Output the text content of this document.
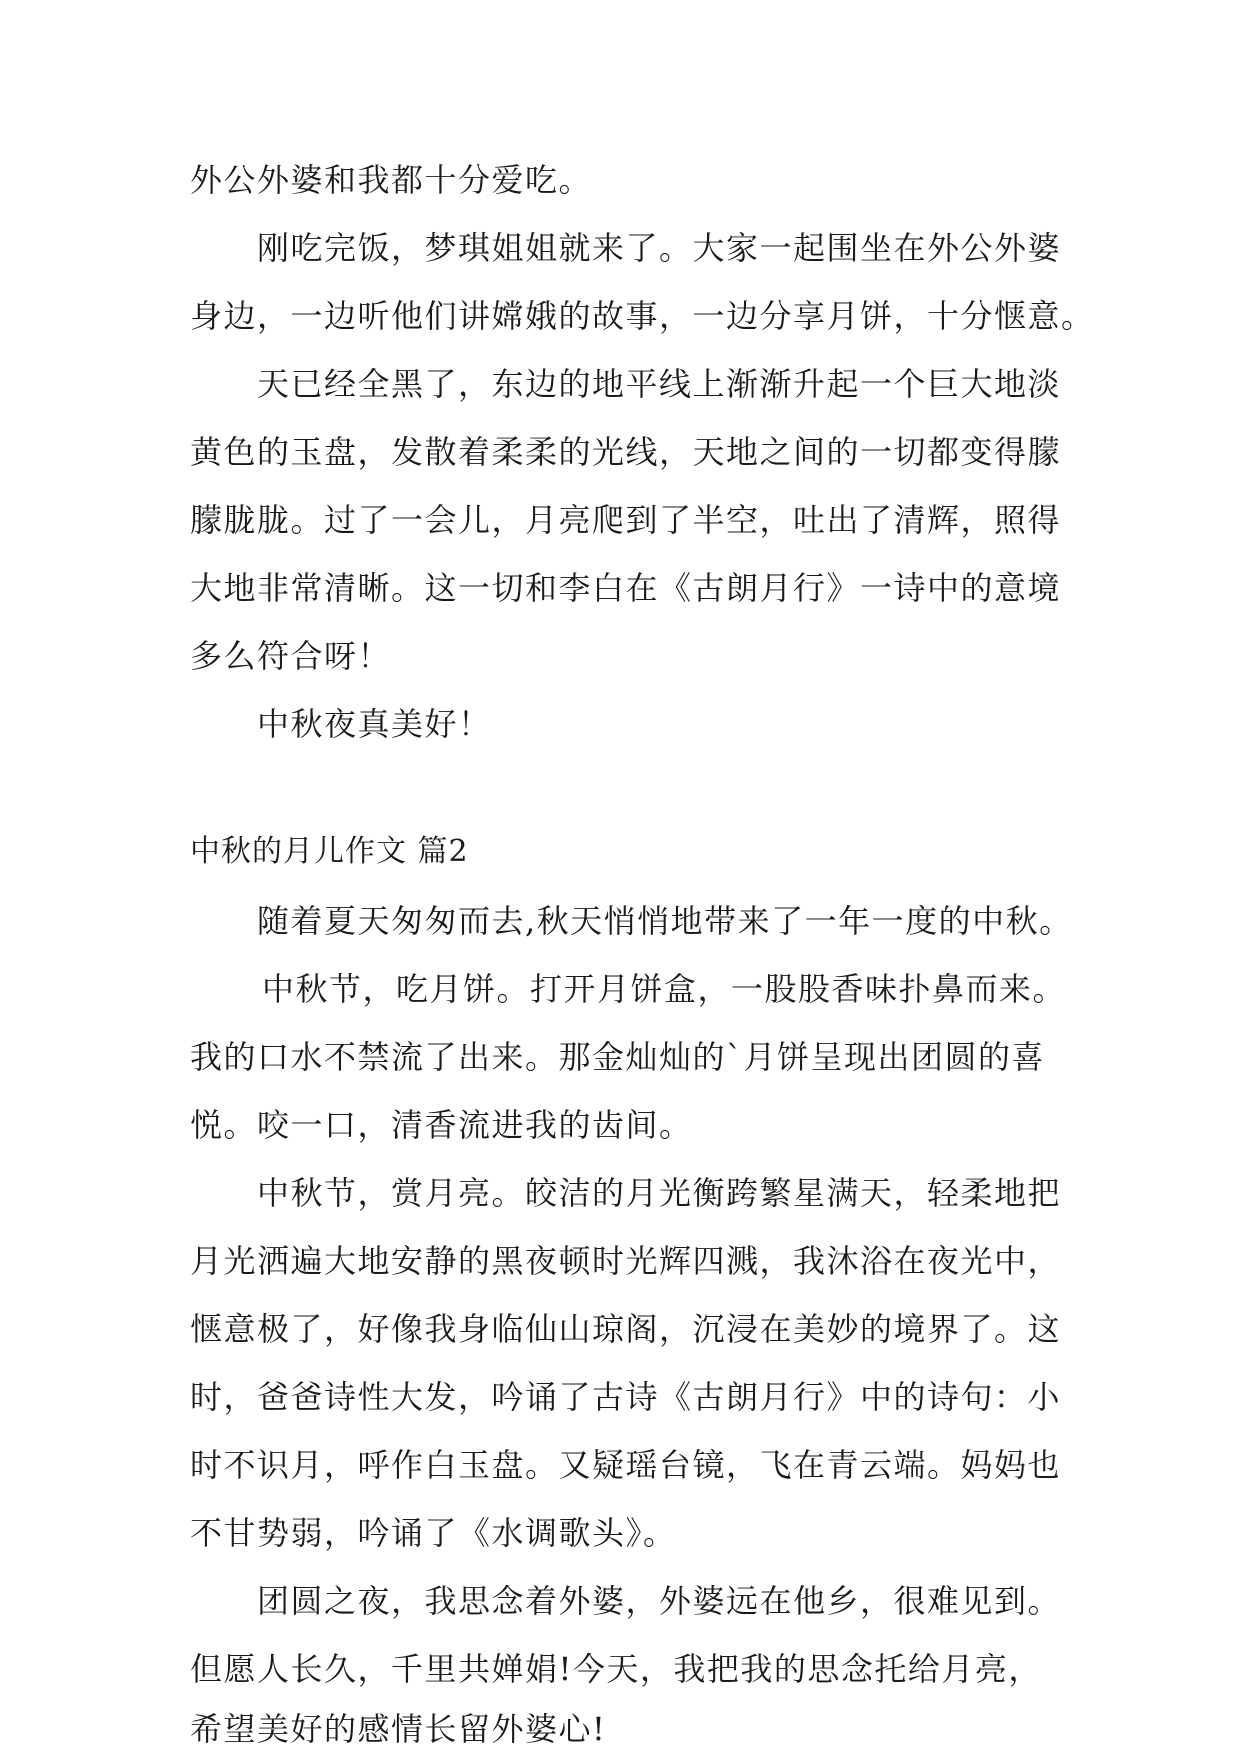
外公外婆和我都十分爱吃。
刚吃完饭，梦琪姐姐就来了。大家一起围坐在外公外婆
身边，一边听他们讲嫦娥的故事，一边分享月饼，十分惬意。
天已经全黑了，东边的地平线上渐渐升起一个巨大地淡
黄色的玉盘，发散着柔柔的光线，天地之间的一切都变得朦
朦胧胧。过了一会儿，月亮爬到了半空，吐出了清辉，照得
大地非常清晰。这一切和李白在《古朗月行》一诗中的意境
多么符合呀！
中秋夜真美好！
中秋的月儿作文 篇2
随着夏天匆匆而去,秋天悄悄地带来了一年一度的中秋。
中秋节，吃月饼。打开月饼盒，一股股香味扑鼻而来。
我的口水不禁流了出来。那金灿灿的`月饼呈现出团圆的喜
悦。咬一口，清香流进我的齿间。
中秋节，赏月亮。皎洁的月光衡跨繁星满天，轻柔地把
月光洒遍大地安静的黑夜顿时光辉四溅，我沐浴在夜光中，
惬意极了，好像我身临仙山琼阁，沉浸在美妙的境界了。这
时，爸爸诗性大发，吟诵了古诗《古朗月行》中的诗句：小
时不识月，呼作白玉盘。又疑瑶台镜，飞在青云端。妈妈也
不甘势弱，吟诵了《水调歌头》。
团圆之夜，我思念着外婆，外婆远在他乡，很难见到。
但愿人长久，千里共婵娟!今天，我把我的思念托给月亮，
希望美好的感情长留外婆心!
